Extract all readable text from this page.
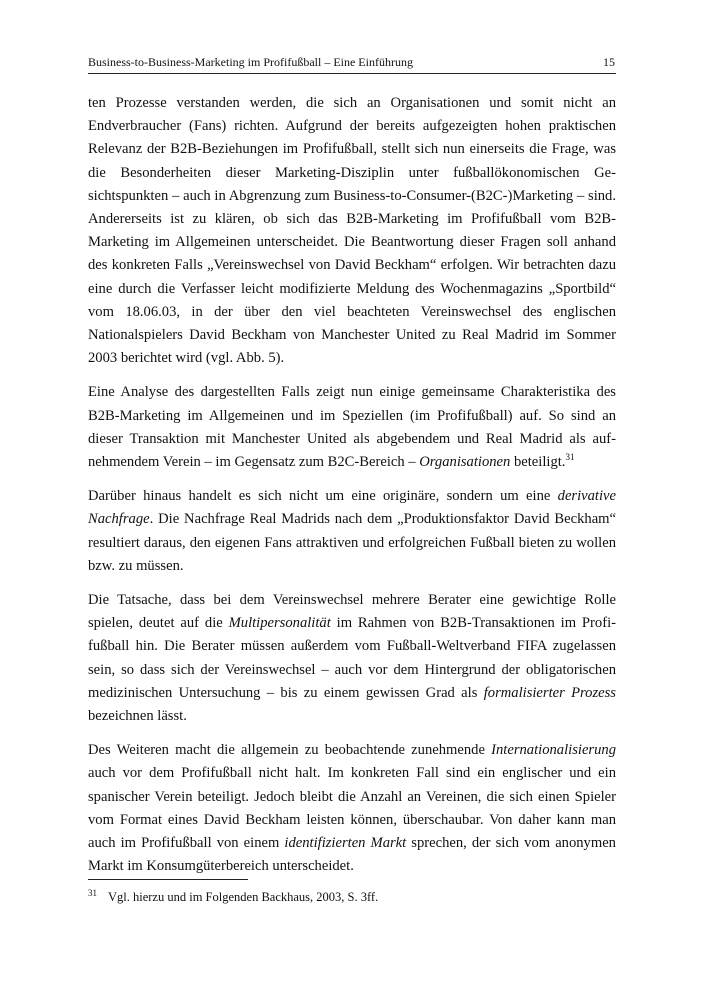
Business-to-Business-Marketing im Profifußball – Eine Einführung	15

ten Prozesse verstanden werden, die sich an Organisationen und somit nicht an Endverbraucher (Fans) richten. Aufgrund der bereits aufgezeigten hohen praktischen Relevanz der B2B-Beziehungen im Profifußball, stellt sich nun einerseits die Frage, was die Besonderheiten dieser Marketing-Disziplin unter fußballökonomischen Gesichtspunkten – auch in Abgrenzung zum Business-to-Consumer-(B2C-)Marketing – sind. Andererseits ist zu klären, ob sich das B2B-Marketing im Profifußball vom B2B-Marketing im Allgemeinen unterscheidet. Die Beantwortung dieser Fragen soll anhand des konkreten Falls „Vereinswechsel von David Beckham“ erfolgen. Wir betrachten dazu eine durch die Verfasser leicht modifizierte Meldung des Wochenmagazins „Sportbild“ vom 18.06.03, in der über den viel beachteten Vereinswechsel des englischen Nationalspielers David Beckham von Manchester United zu Real Madrid im Sommer 2003 berichtet wird (vgl. Abb. 5).

Eine Analyse des dargestellten Falls zeigt nun einige gemeinsame Charakteristika des B2B-Marketing im Allgemeinen und im Speziellen (im Profifußball) auf. So sind an dieser Transaktion mit Manchester United als abgebendem und Real Madrid als aufnehmendem Verein – im Gegensatz zum B2C-Bereich – Organisationen beteiligt.$^{31}$

Darüber hinaus handelt es sich nicht um eine originäre, sondern um eine derivative Nachfrage. Die Nachfrage Real Madrids nach dem „Produktionsfaktor David Beckham“ resultiert daraus, den eigenen Fans attraktiven und erfolgreichen Fußball bieten zu wollen bzw. zu müssen.

Die Tatsache, dass bei dem Vereinswechsel mehrere Berater eine gewichtige Rolle spielen, deutet auf die Multipersonalität im Rahmen von B2B-Transaktionen im Profifußball hin. Die Berater müssen außerdem vom Fußball-Weltverband FIFA zugelassen sein, so dass sich der Vereinswechsel – auch vor dem Hintergrund der obligatorischen medizinischen Untersuchung – bis zu einem gewissen Grad als formalisierter Prozess bezeichnen lässt.

Des Weiteren macht die allgemein zu beobachtende zunehmende Internationalisierung auch vor dem Profifußball nicht halt. Im konkreten Fall sind ein englischer und ein spanischer Verein beteiligt. Jedoch bleibt die Anzahl an Vereinen, die sich einen Spieler vom Format eines David Beckham leisten können, überschaubar. Von daher kann man auch im Profifußball von einem identifizierten Markt sprechen, der sich vom anonymen Markt im Konsumgüterbereich unterscheidet.

31 Vgl. hierzu und im Folgenden Backhaus, 2003, S. 3ff.
